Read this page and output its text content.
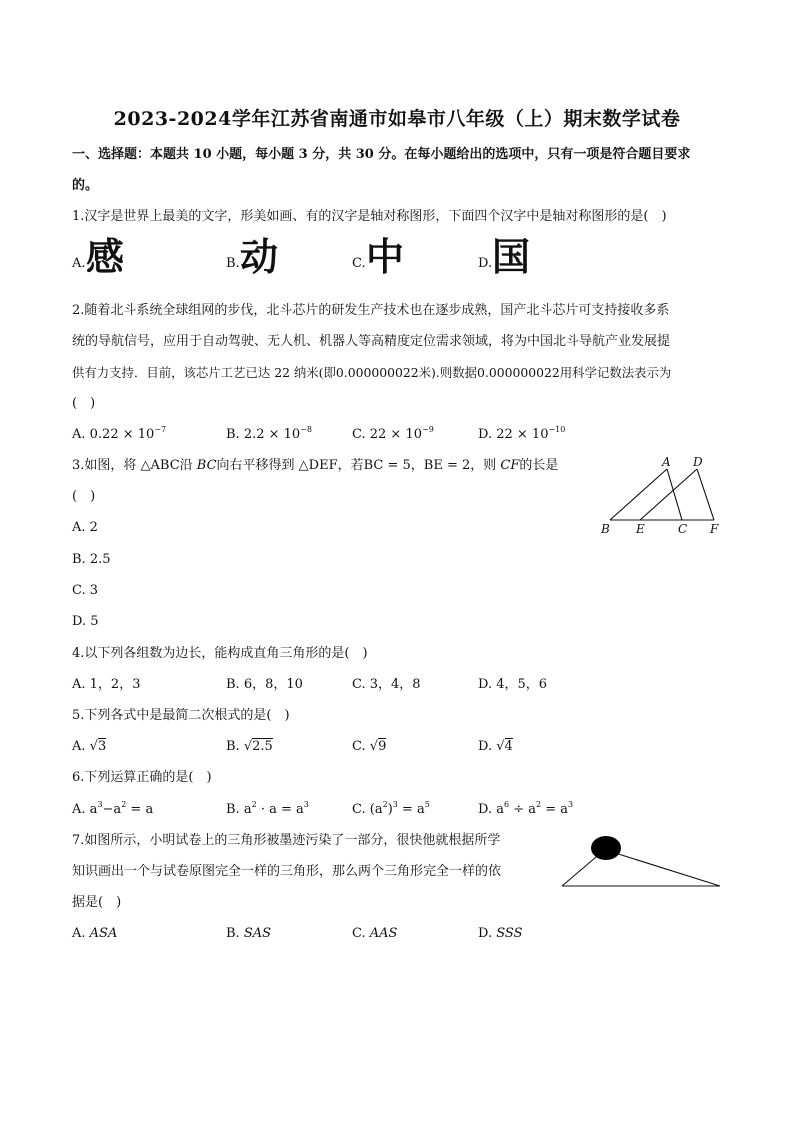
2023-2024学年江苏省南通市如皋市八年级（上）期末数学试卷
一、选择题：本题共 10 小题，每小题 3 分，共 30 分。在每小题给出的选项中，只有一项是符合题目要求
的。
1.汉字是世界上最美的文字，形美如画、有的汉字是轴对称图形，下面四个汉字中是轴对称图形的是(　)
A. 感	B. 动	C. 中	D. 国
2.随着北斗系统全球组网的步伐，北斗芯片的研发生产技术也在逐步成熟，国产北斗芯片可支持接收多系
统的导航信号，应用于自动驾驶、无人机、机器人等高精度定位需求领域，将为中国北斗导航产业发展提
供有力支持．目前，该芯片工艺已达 22 纳米(即0.000000022米).则数据0.000000022用科学记数法表示为
(　)
A. $0.22 \times 10^{-7}$	B. $2.2 \times 10^{-8}$	C. $22 \times 10^{-9}$	D. $22 \times 10^{-10}$
3.如图，将 △ABC沿 BC向右平移得到 △DEF，若BC = 5，BE = 2，则 CF的长是
(　)
A. 2
B. 2.5
C. 3
D. 5
A D
B E	C F
4.以下列各组数为边长，能构成直角三角形的是(　)
A. 1，2，3	B. 6，8，10	C. 3，4，8	D. 4，5，6
5.下列各式中是最简二次根式的是(　)
A. √3	B. √2.5	C. √9	D. √4
6.下列运算正确的是(　)
A. $a^3-a^2 = a$	B. $a^2 \cdot a = a^3$	C. $(a^2)^3 = a^5$	D. $a^6 \div a^2 = a^3$
7.如图所示，小明试卷上的三角形被墨迹污染了一部分，很快他就根据所学
知识画出一个与试卷原图完全一样的三角形，那么两个三角形完全一样的依
据是(　)
A. ASA	B. SAS	C. AAS	D. SSS
